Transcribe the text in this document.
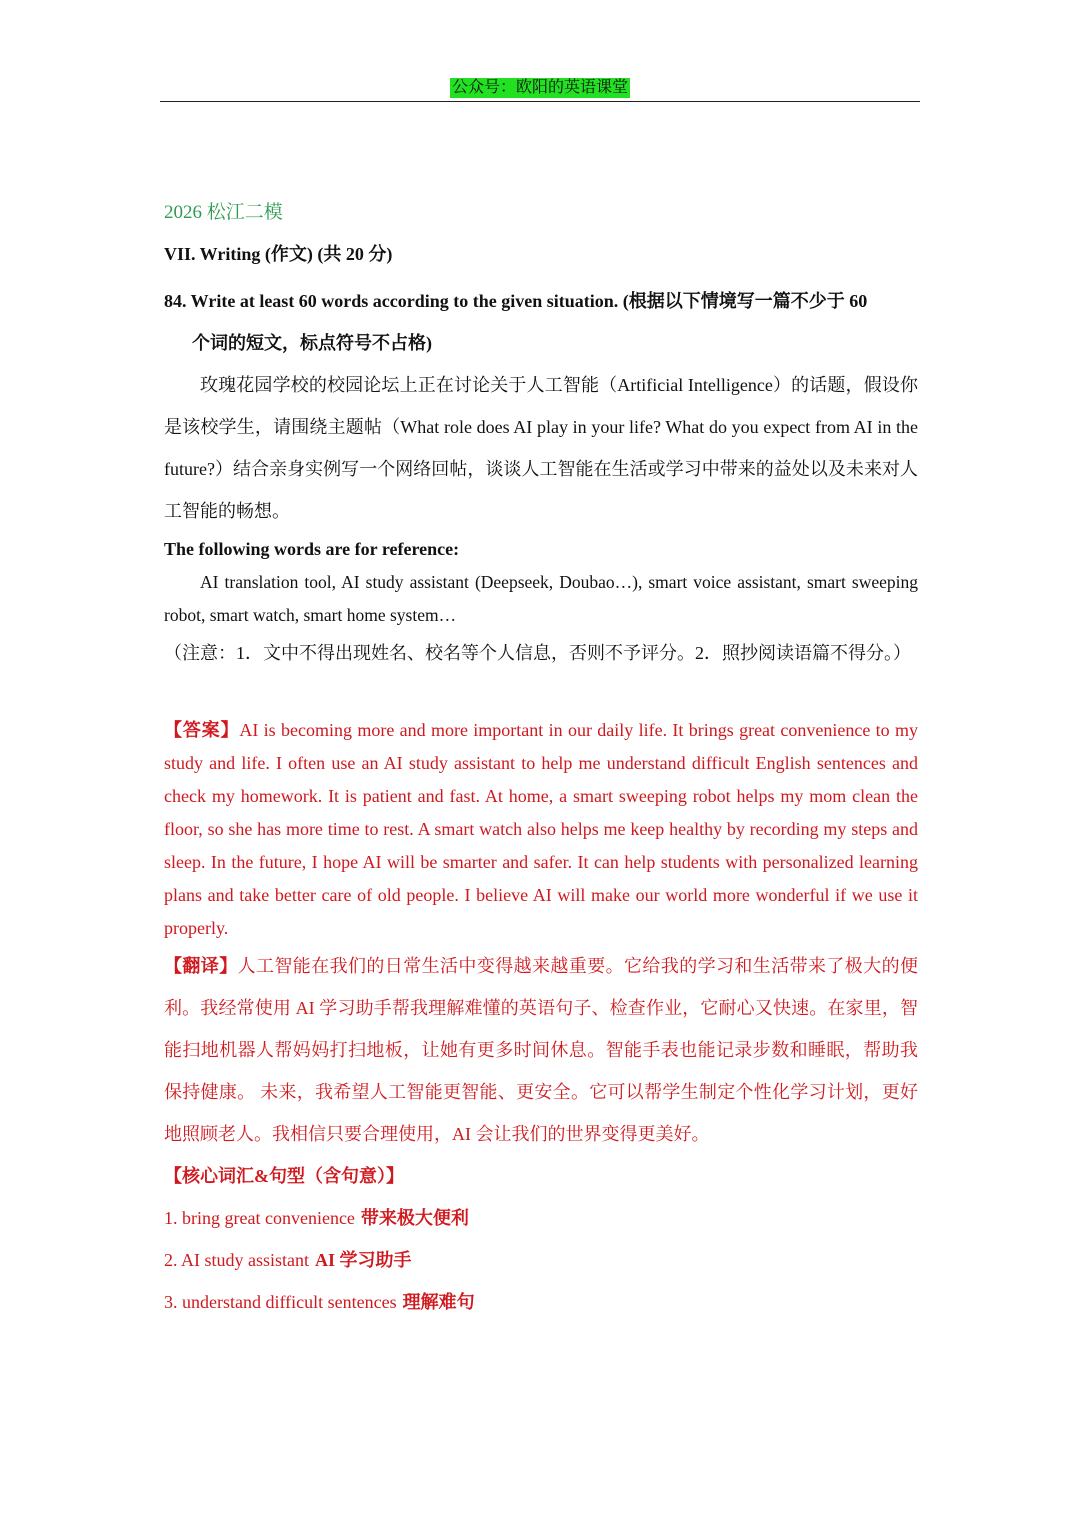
公众号：欧阳的英语课堂

2026 松江二模

VII. Writing (作文) (共 20 分)

84. Write at least 60 words according to the given situation. (根据以下情境写一篇不少于 60
个词的短文，标点符号不占格)

玫瑰花园学校的校园论坛上正在讨论关于人工智能（Artificial Intelligence）的话题，假设你是该校学生，请围绕主题帖（What role does AI play in your life? What do you expect from AI in the future?）结合亲身实例写一个网络回帖，谈谈人工智能在生活或学习中带来的益处以及未来对人工智能的畅想。

The following words are for reference:

AI translation tool, AI study assistant (Deepseek, Doubao…), smart voice assistant, smart sweeping robot, smart watch, smart home system…

（注意：1．文中不得出现姓名、校名等个人信息，否则不予评分。2．照抄阅读语篇不得分。）

【答案】AI is becoming more and more important in our daily life. It brings great convenience to my study and life. I often use an AI study assistant to help me understand difficult English sentences and check my homework. It is patient and fast. At home, a smart sweeping robot helps my mom clean the floor, so she has more time to rest. A smart watch also helps me keep healthy by recording my steps and sleep. In the future, I hope AI will be smarter and safer. It can help students with personalized learning plans and take better care of old people. I believe AI will make our world more wonderful if we use it properly.

【翻译】人工智能在我们的日常生活中变得越来越重要。它给我的学习和生活带来了极大的便利。我经常使用 AI 学习助手帮我理解难懂的英语句子、检查作业，它耐心又快速。在家里，智能扫地机器人帮妈妈打扫地板，让她有更多时间休息。智能手表也能记录步数和睡眠，帮助我保持健康。 未来，我希望人工智能更智能、更安全。它可以帮学生制定个性化学习计划，更好地照顾老人。我相信只要合理使用，AI 会让我们的世界变得更美好。

【核心词汇&句型（含句意）】

1. bring great convenience 带来极大便利

2. AI study assistant AI 学习助手

3. understand difficult sentences 理解难句
